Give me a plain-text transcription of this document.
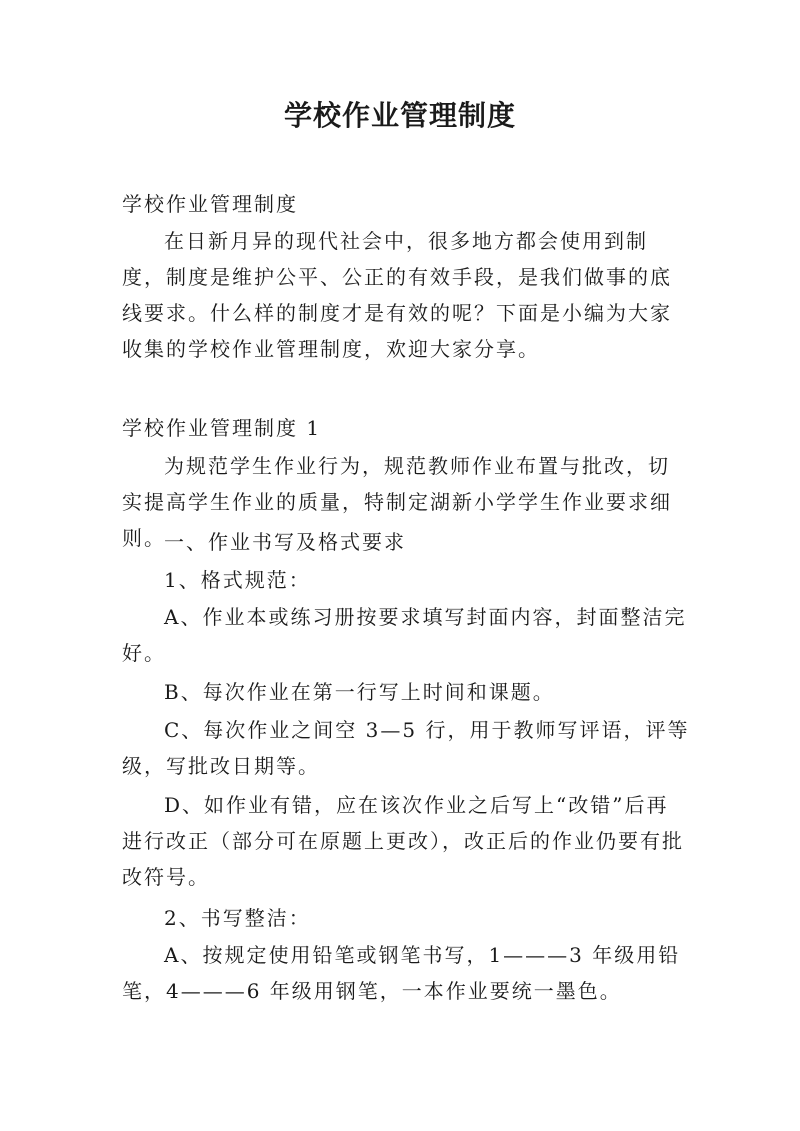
学校作业管理制度

学校作业管理制度

在日新月异的现代社会中，很多地方都会使用到制度，制度是维护公平、公正的有效手段，是我们做事的底线要求。什么样的制度才是有效的呢？下面是小编为大家收集的学校作业管理制度，欢迎大家分享。

学校作业管理制度 1

为规范学生作业行为，规范教师作业布置与批改，切实提高学生作业的质量，特制定湖新小学学生作业要求细则。

一、作业书写及格式要求

1、格式规范：

A、作业本或练习册按要求填写封面内容，封面整洁完好。

B、每次作业在第一行写上时间和课题。

C、每次作业之间空 3—5 行，用于教师写评语，评等级，写批改日期等。

D、如作业有错，应在该次作业之后写上“改错”后再进行改正（部分可在原题上更改），改正后的作业仍要有批改符号。

2、书写整洁：

A、按规定使用铅笔或钢笔书写，1———3 年级用铅笔，4———6 年级用钢笔，一本作业要统一墨色。
